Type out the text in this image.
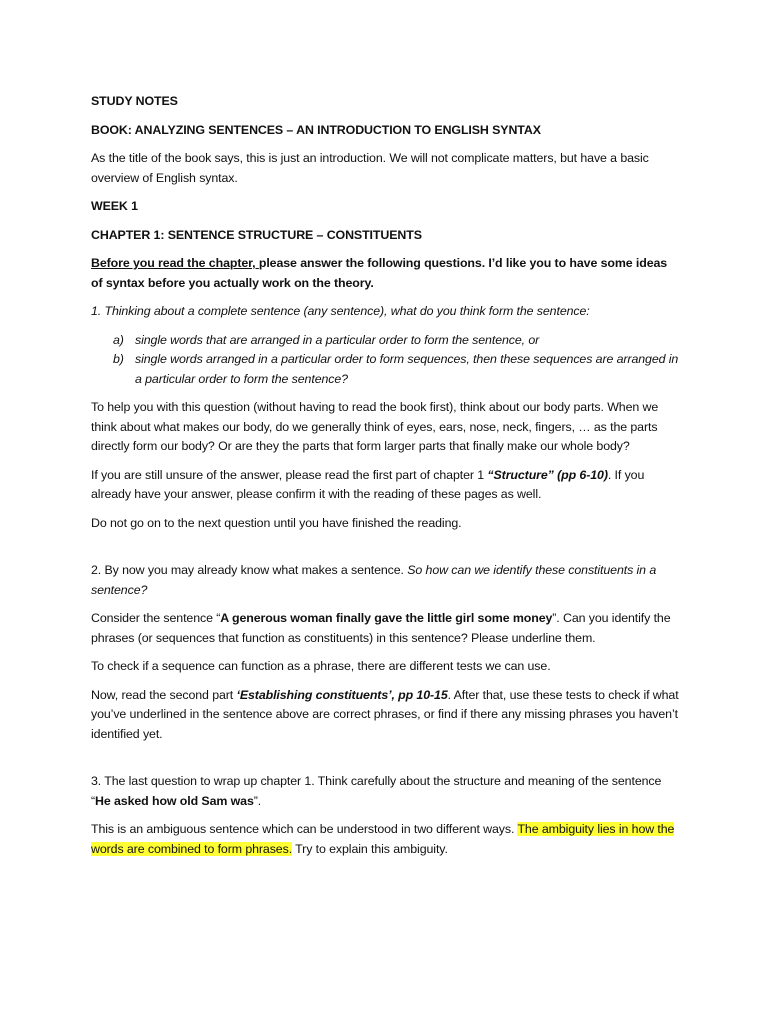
STUDY NOTES

BOOK: ANALYZING SENTENCES – AN INTRODUCTION TO ENGLISH SYNTAX

As the title of the book says, this is just an introduction. We will not complicate matters, but have a basic overview of English syntax.

WEEK 1

CHAPTER 1: SENTENCE STRUCTURE – CONSTITUENTS

Before you read the chapter, please answer the following questions. I’d like you to have some ideas of syntax before you actually work on the theory.

1. Thinking about a complete sentence (any sentence), what do you think form the sentence:

a) single words that are arranged in a particular order to form the sentence, or
b) single words arranged in a particular order to form sequences, then these sequences are arranged in a particular order to form the sentence?

To help you with this question (without having to read the book first), think about our body parts. When we think about what makes our body, do we generally think of eyes, ears, nose, neck, fingers, … as the parts directly form our body? Or are they the parts that form larger parts that finally make our whole body?

If you are still unsure of the answer, please read the first part of chapter 1 “Structure” (pp 6-10). If you already have your answer, please confirm it with the reading of these pages as well.

Do not go on to the next question until you have finished the reading.

2. By now you may already know what makes a sentence. So how can we identify these constituents in a sentence?

Consider the sentence “A generous woman finally gave the little girl some money”. Can you identify the phrases (or sequences that function as constituents) in this sentence? Please underline them.

To check if a sequence can function as a phrase, there are different tests we can use.

Now, read the second part ‘Establishing constituents’, pp 10-15. After that, use these tests to check if what you’ve underlined in the sentence above are correct phrases, or find if there any missing phrases you haven’t identified yet.

3. The last question to wrap up chapter 1. Think carefully about the structure and meaning of the sentence “He asked how old Sam was”.

This is an ambiguous sentence which can be understood in two different ways. The ambiguity lies in how the words are combined to form phrases. Try to explain this ambiguity.
